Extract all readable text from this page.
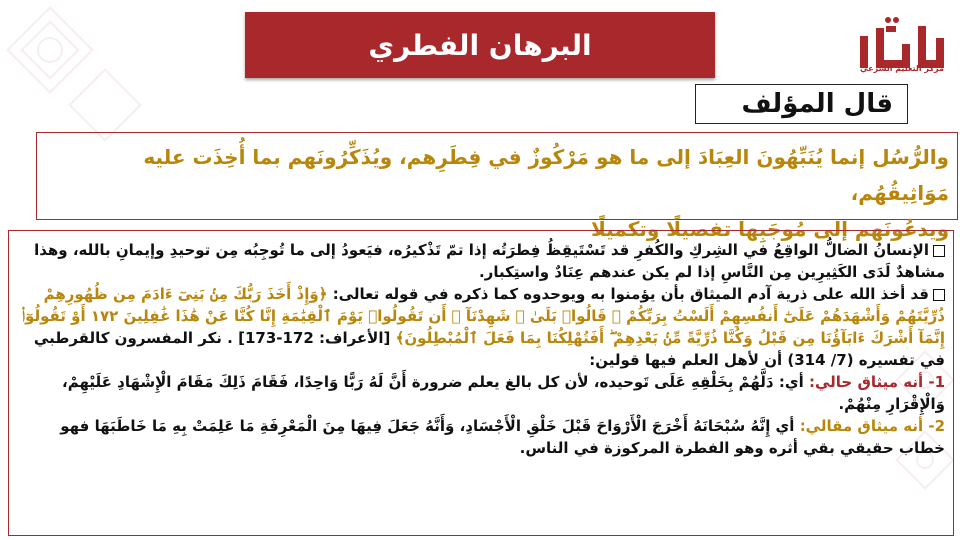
البرهان الفطري
مركز التعليم الشرعي
قال المؤلف
والرُّسُل إنما يُنَبِّهُونَ العِبَادَ إلى ما هو مَرْكُوزٌ في فِطَرِهم، ويُذَكِّرُونَهم بما أُخِذَت عليه مَوَاثِيقُهُم،
ويدعُونَهم إلى مُوجَبِها تفصيلًا وتكميلًا

الإنسانُ الضالُّ الواقِعُ في الشِركِ والكُفرِ قد تَسْتَيقِظُ فِطرَتُه إذا تمّ تَذْكيرُه، فيَعودُ إلى ما تُوجِبُه مِن توحيدِ وإيمانِ بالله، وهذا مشاهدٌ لَدَى الكَثِيرِين مِن النَّاسِ إذا لم يكن عندهم عِنَادٌ واستِكبار.

قد أخذ الله على ذرية آدم الميثاق بأن يؤمنوا به ويوحدوه كما ذكره في قوله تعالى: ﴿وَإِذْ أَخَذَ رَبُّكَ مِنۢ بَنِىٓ ءَادَمَ مِن ظُهُورِهِمْ ذُرِّيَّتَهُمْ وَأَشْهَدَهُمْ عَلَىٰٓ أَنفُسِهِمْ أَلَسْتُ بِرَبِّكُمْ ۖ قَالُوا۟ بَلَىٰ ۛ شَهِدْنَآ ۛ أَن تَقُولُوا۟ يَوْمَ ٱلْقِيَٰمَةِ إِنَّا كُنَّا عَنْ هَٰذَا غَٰفِلِينَ ١٧٢ أَوْ تَقُولُوٓا۟ إِنَّمَآ أَشْرَكَ ءَابَآؤُنَا مِن قَبْلُ وَكُنَّا ذُرِّيَّةً مِّنۢ بَعْدِهِمْ ۖ أَفَتُهْلِكُنَا بِمَا فَعَلَ ٱلْمُبْطِلُونَ﴾ [الأعراف: 172-173] . نكر المفسرون كالقرطبي في تفسيره (7/ 314) أن لأهل العلم فيها قولين:

1- أنه ميثاق حالي: أي: دَلَّهُمْ بِخَلْقِهِ عَلَى تَوحيده، لأن كل بالغ يعلم ضرورة أَنَّ لَهُ رَبًّا وَاحِدًا، فَقَامَ ذَلِكَ مَقَامَ الْإِشْهَادِ عَلَيْهِمْ، وَالْإِقْرَارِ مِنْهُمْ.

2- أنه ميثاق مقالي: أي إِنَّهُ سُبْحَانَهُ أَخْرَجَ الْأَرْوَاحَ قَبْلَ خَلْقِ الْأَجْسَادِ، وَأَنَّهُ جَعَلَ فِيهَا مِنَ الْمَعْرِفَةِ مَا عَلِمَتْ بِهِ مَا خَاطَبَهَا فهو خطاب حقيقي بقي أثره وهو الفطرة المركوزة في الناس.
